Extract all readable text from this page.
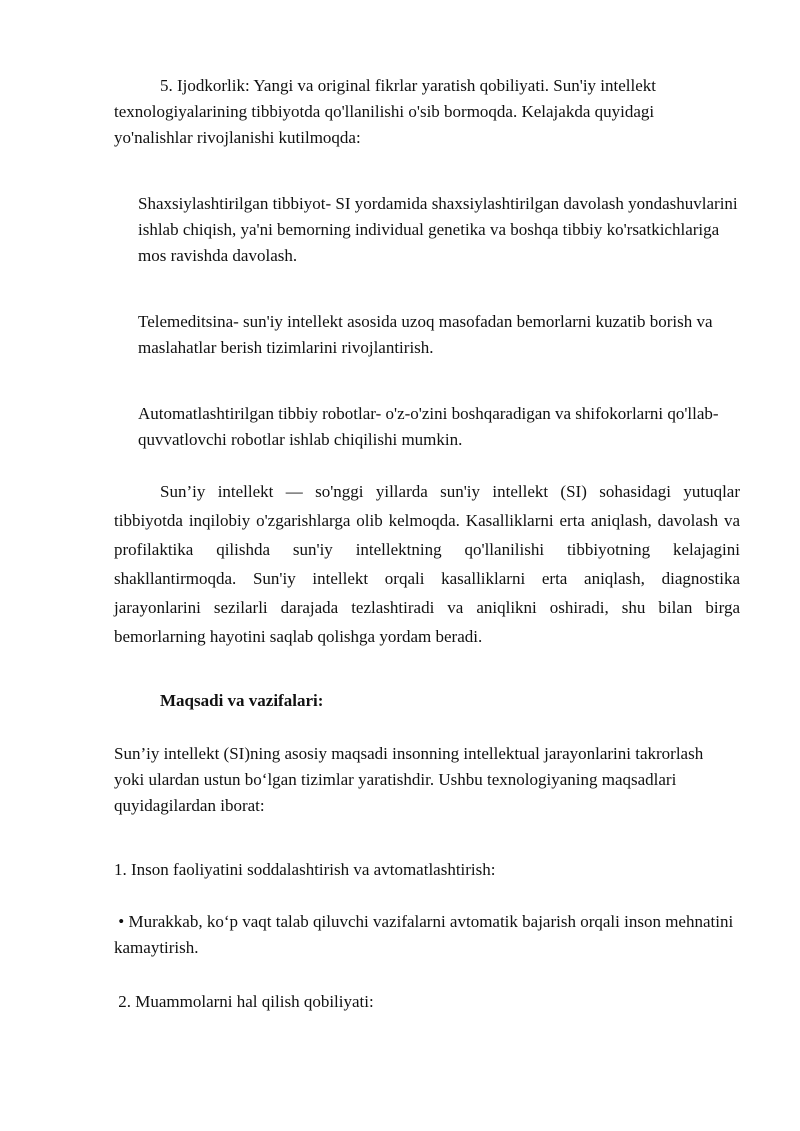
5. Ijodkorlik: Yangi va original fikrlar yaratish qobiliyati. Sun'iy intellekt texnologiyalarining tibbiyotda qo'llanilishi o'sib bormoqda. Kelajakda quyidagi yo'nalishlar rivojlanishi kutilmoqda:

Shaxsiylashtirilgan tibbiyot- SI yordamida shaxsiylashtirilgan davolash yondashuvlarini ishlab chiqish, ya'ni bemorning individual genetika va boshqa tibbiy ko'rsatkichlariga mos ravishda davolash.

Telemeditsina- sun'iy intellekt asosida uzoq masofadan bemorlarni kuzatib borish va maslahatlar berish tizimlarini rivojlantirish.

Automatlashtirilgan tibbiy robotlar- o'z-o'zini boshqaradigan va shifokorlarni qo'llab-quvvatlovchi robotlar ishlab chiqilishi mumkin.

Sun’iy intellekt — so'nggi yillarda sun'iy intellekt (SI) sohasidagi yutuqlar tibbiyotda inqilobiy o'zgarishlarga olib kelmoqda. Kasalliklarni erta aniqlash, davolash va profilaktika qilishda sun'iy intellektning qo'llanilishi tibbiyotning kelajagini shakllantirmoqda. Sun'iy intellekt orqali kasalliklarni erta aniqlash, diagnostika jarayonlarini sezilarli darajada tezlashtiradi va aniqlikni oshiradi, shu bilan birga bemorlarning hayotini saqlab qolishga yordam beradi.

Maqsadi va vazifalari:

Sun’iy intellekt (SI)ning asosiy maqsadi insonning intellektual jarayonlarini takrorlash yoki ulardan ustun bo‘lgan tizimlar yaratishdir. Ushbu texnologiyaning maqsadlari quyidagilardan iborat:

1. Inson faoliyatini soddalashtirish va avtomatlashtirish:

• Murakkab, ko‘p vaqt talab qiluvchi vazifalarni avtomatik bajarish orqali inson mehnatini kamaytirish.

2. Muammolarni hal qilish qobiliyati:
